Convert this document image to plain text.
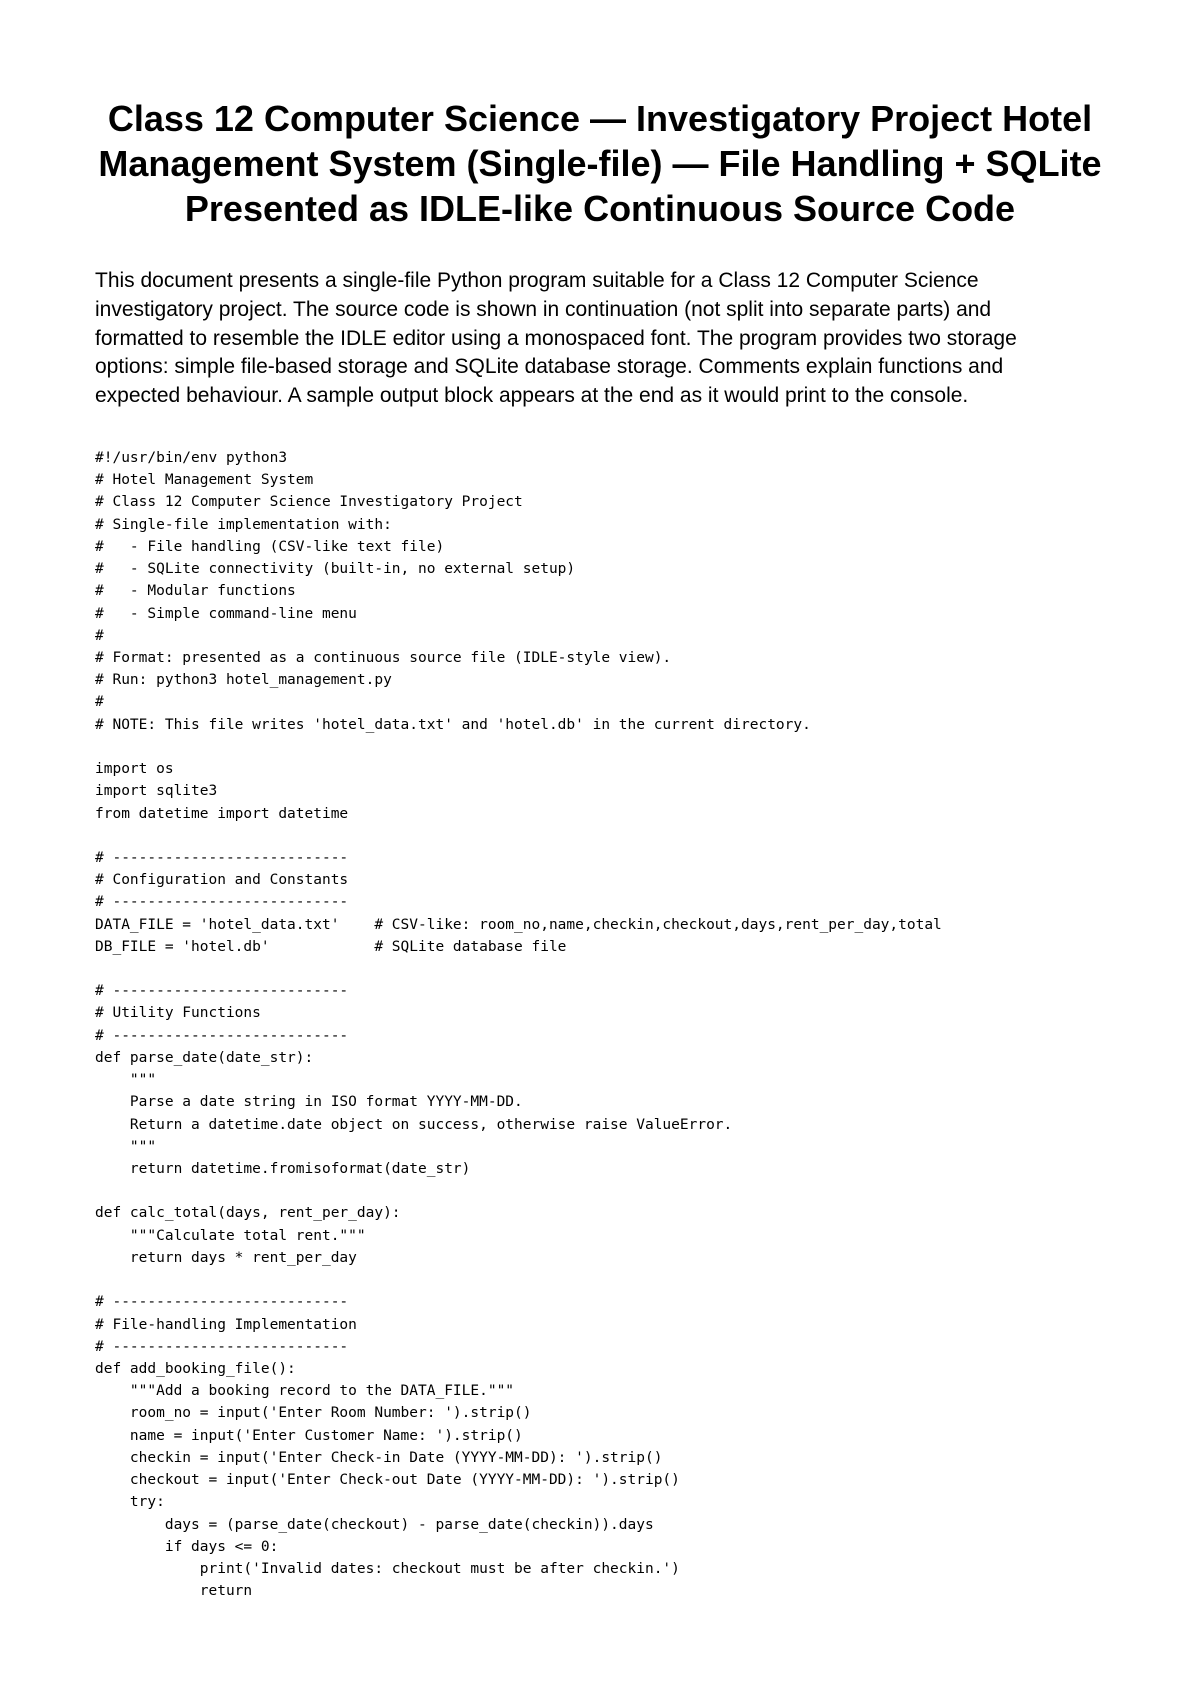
Class 12 Computer Science — Investigatory Project Hotel
Management System (Single-file) — File Handling + SQLite
Presented as IDLE-like Continuous Source Code

This document presents a single-file Python program suitable for a Class 12 Computer Science
investigatory project. The source code is shown in continuation (not split into separate parts) and
formatted to resemble the IDLE editor using a monospaced font. The program provides two storage
options: simple file-based storage and SQLite database storage. Comments explain functions and
expected behaviour. A sample output block appears at the end as it would print to the console.

#!/usr/bin/env python3
# Hotel Management System
# Class 12 Computer Science Investigatory Project
# Single-file implementation with:
#   - File handling (CSV-like text file)
#   - SQLite connectivity (built-in, no external setup)
#   - Modular functions
#   - Simple command-line menu
#
# Format: presented as a continuous source file (IDLE-style view).
# Run: python3 hotel_management.py
#
# NOTE: This file writes 'hotel_data.txt' and 'hotel.db' in the current directory.
import os
import sqlite3
from datetime import datetime
# ---------------------------
# Configuration and Constants
# ---------------------------
DATA_FILE = 'hotel_data.txt'    # CSV-like: room_no,name,checkin,checkout,days,rent_per_day,total
DB_FILE = 'hotel.db'            # SQLite database file
# ---------------------------
# Utility Functions
# ---------------------------
def parse_date(date_str):
"""
Parse a date string in ISO format YYYY-MM-DD.
Return a datetime.date object on success, otherwise raise ValueError.
"""
return datetime.fromisoformat(date_str)
def calc_total(days, rent_per_day):
"""Calculate total rent."""
return days * rent_per_day
# ---------------------------
# File-handling Implementation
# ---------------------------
def add_booking_file():
"""Add a booking record to the DATA_FILE."""
room_no = input('Enter Room Number: ').strip()
name = input('Enter Customer Name: ').strip()
checkin = input('Enter Check-in Date (YYYY-MM-DD): ').strip()
checkout = input('Enter Check-out Date (YYYY-MM-DD): ').strip()
try:
days = (parse_date(checkout) - parse_date(checkin)).days
if days <= 0:
print('Invalid dates: checkout must be after checkin.')
return
